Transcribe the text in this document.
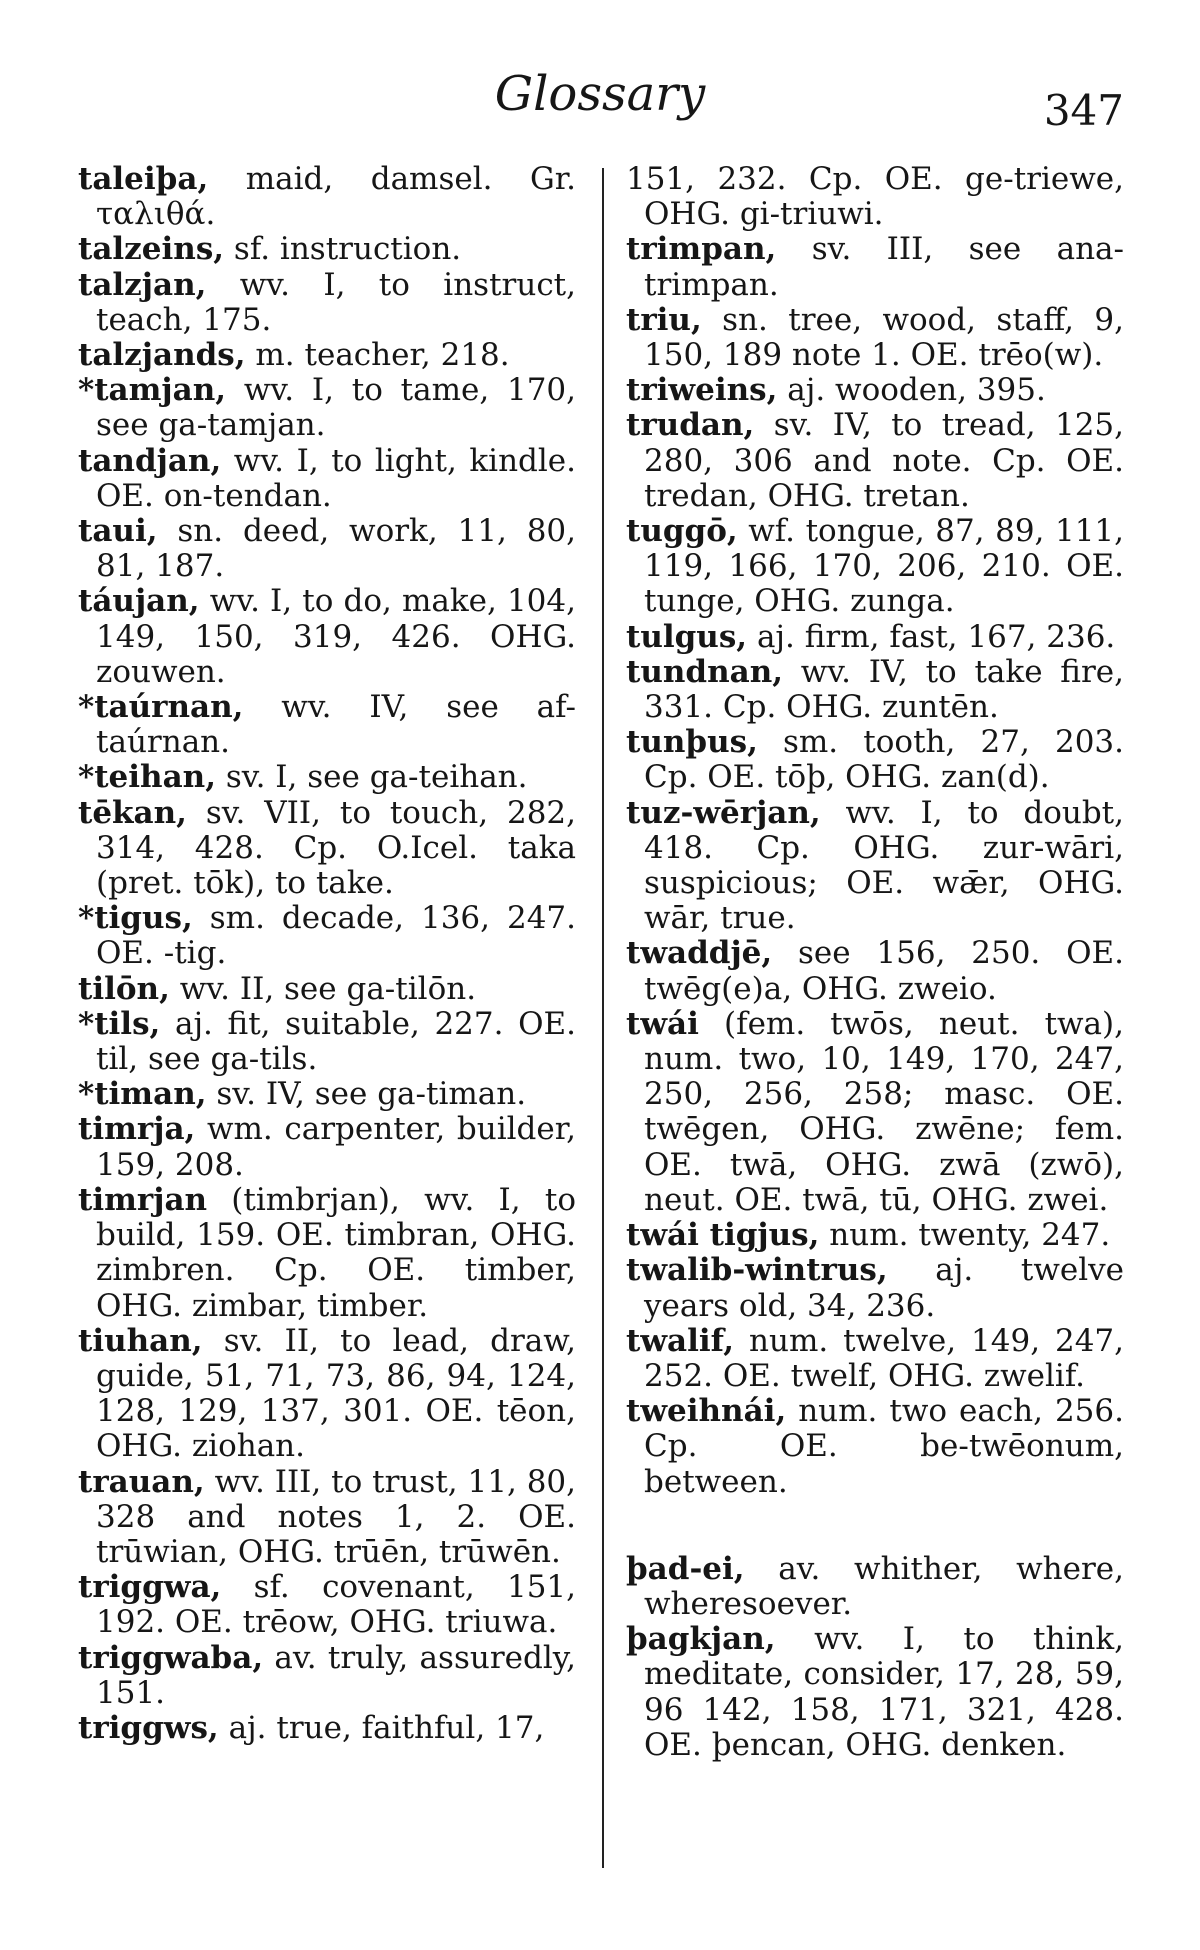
Glossary	347
taleiþa, maid, damsel. Gr. ταλιθά.
talzeins, sf. instruction.
talzjan, wv. I, to instruct, teach, 175.
talzjands, m. teacher, 218.
*tamjan, wv. I, to tame, 170, see ga-tamjan.
tandjan, wv. I, to light, kindle. OE. on-tendan.
taui, sn. deed, work, 11, 80, 81, 187.
táujan, wv. I, to do, make, 104, 149, 150, 319, 426. OHG. zouwen.
*taúrnan, wv. IV, see af-taúrnan.
*teihan, sv. I, see ga-teihan.
tēkan, sv. VII, to touch, 282, 314, 428. Cp. O.Icel. taka (pret. tōk), to take.
*tigus, sm. decade, 136, 247. OE. -tig.
tilōn, wv. II, see ga-tilōn.
*tils, aj. fit, suitable, 227. OE. til, see ga-tils.
*timan, sv. IV, see ga-timan.
timrja, wm. carpenter, builder, 159, 208.
timrjan (timbrjan), wv. I, to build, 159. OE. timbran, OHG. zimbren. Cp. OE. timber, OHG. zimbar, timber.
tiuhan, sv. II, to lead, draw, guide, 51, 71, 73, 86, 94, 124, 128, 129, 137, 301. OE. tēon, OHG. ziohan.
trauan, wv. III, to trust, 11, 80, 328 and notes 1, 2. OE. trūwian, OHG. trūēn, trūwēn.
triggwa, sf. covenant, 151, 192. OE. trēow, OHG. triuwa.
triggwaba, av. truly, assuredly, 151.
triggws, aj. true, faithful, 17,
151, 232. Cp. OE. ge-triewe, OHG. gi-triuwi.
trimpan, sv. III, see ana-trimpan.
triu, sn. tree, wood, staff, 9, 150, 189 note 1. OE. trēo(w).
triweins, aj. wooden, 395.
trudan, sv. IV, to tread, 125, 280, 306 and note. Cp. OE. tredan, OHG. tretan.
tuggō, wf. tongue, 87, 89, 111, 119, 166, 170, 206, 210. OE. tunge, OHG. zunga.
tulgus, aj. firm, fast, 167, 236.
tundnan, wv. IV, to take fire, 331. Cp. OHG. zuntēn.
tunþus, sm. tooth, 27, 203. Cp. OE. tōþ, OHG. zan(d).
tuz-wērjan, wv. I, to doubt, 418. Cp. OHG. zur-wāri, suspicious; OE. wǣr, OHG. wār, true.
twaddjē, see 156, 250. OE. twēg(e)a, OHG. zweio.
twái (fem. twōs, neut. twa), num. two, 10, 149, 170, 247, 250, 256, 258; masc. OE. twēgen, OHG. zwēne; fem. OE. twā, OHG. zwā (zwō), neut. OE. twā, tū, OHG. zwei.
twái tigjus, num. twenty, 247.
twalib-wintrus, aj. twelve years old, 34, 236.
twalif, num. twelve, 149, 247, 252. OE. twelf, OHG. zwelif.
tweihnái, num. two each, 256. Cp. OE. be-twēonum, between.
þad-ei, av. whither, where, wheresoever.
þagkjan, wv. I, to think, meditate, consider, 17, 28, 59, 96 142, 158, 171, 321, 428. OE. þencan, OHG. denken.
